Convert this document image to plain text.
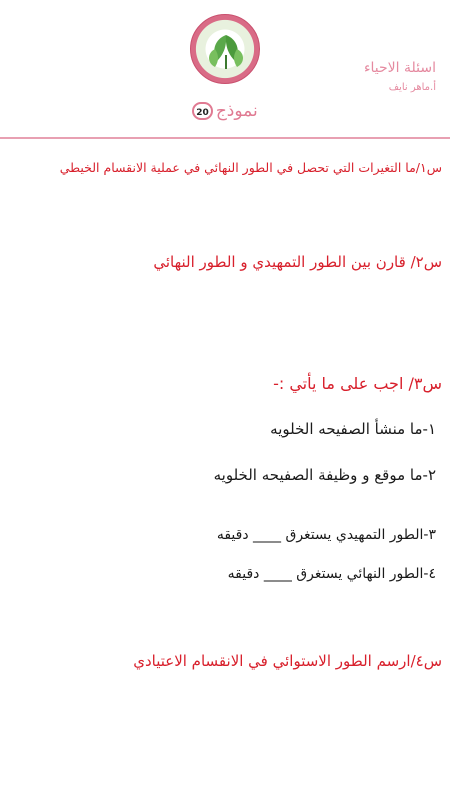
اسئلة الاحياء
أ.ماهر نايف
نموذج
20
س١/ما التغيرات التي تحصل في الطور النهائي في عملية الانقسام الخيطي
س٢/ قارن بين الطور التمهيدي و الطور النهائي
س٣/ اجب على ما يأتي :-
١-ما منشأ الصفيحه الخلويه
٢-ما موقع و وظيفة الصفيحه الخلويه
٣-الطور التمهيدي يستغرق ____ دقيقه
٤-الطور النهائي يستغرق ____ دقيقه
س٤/ارسم الطور الاستوائي في الانقسام الاعتيادي
